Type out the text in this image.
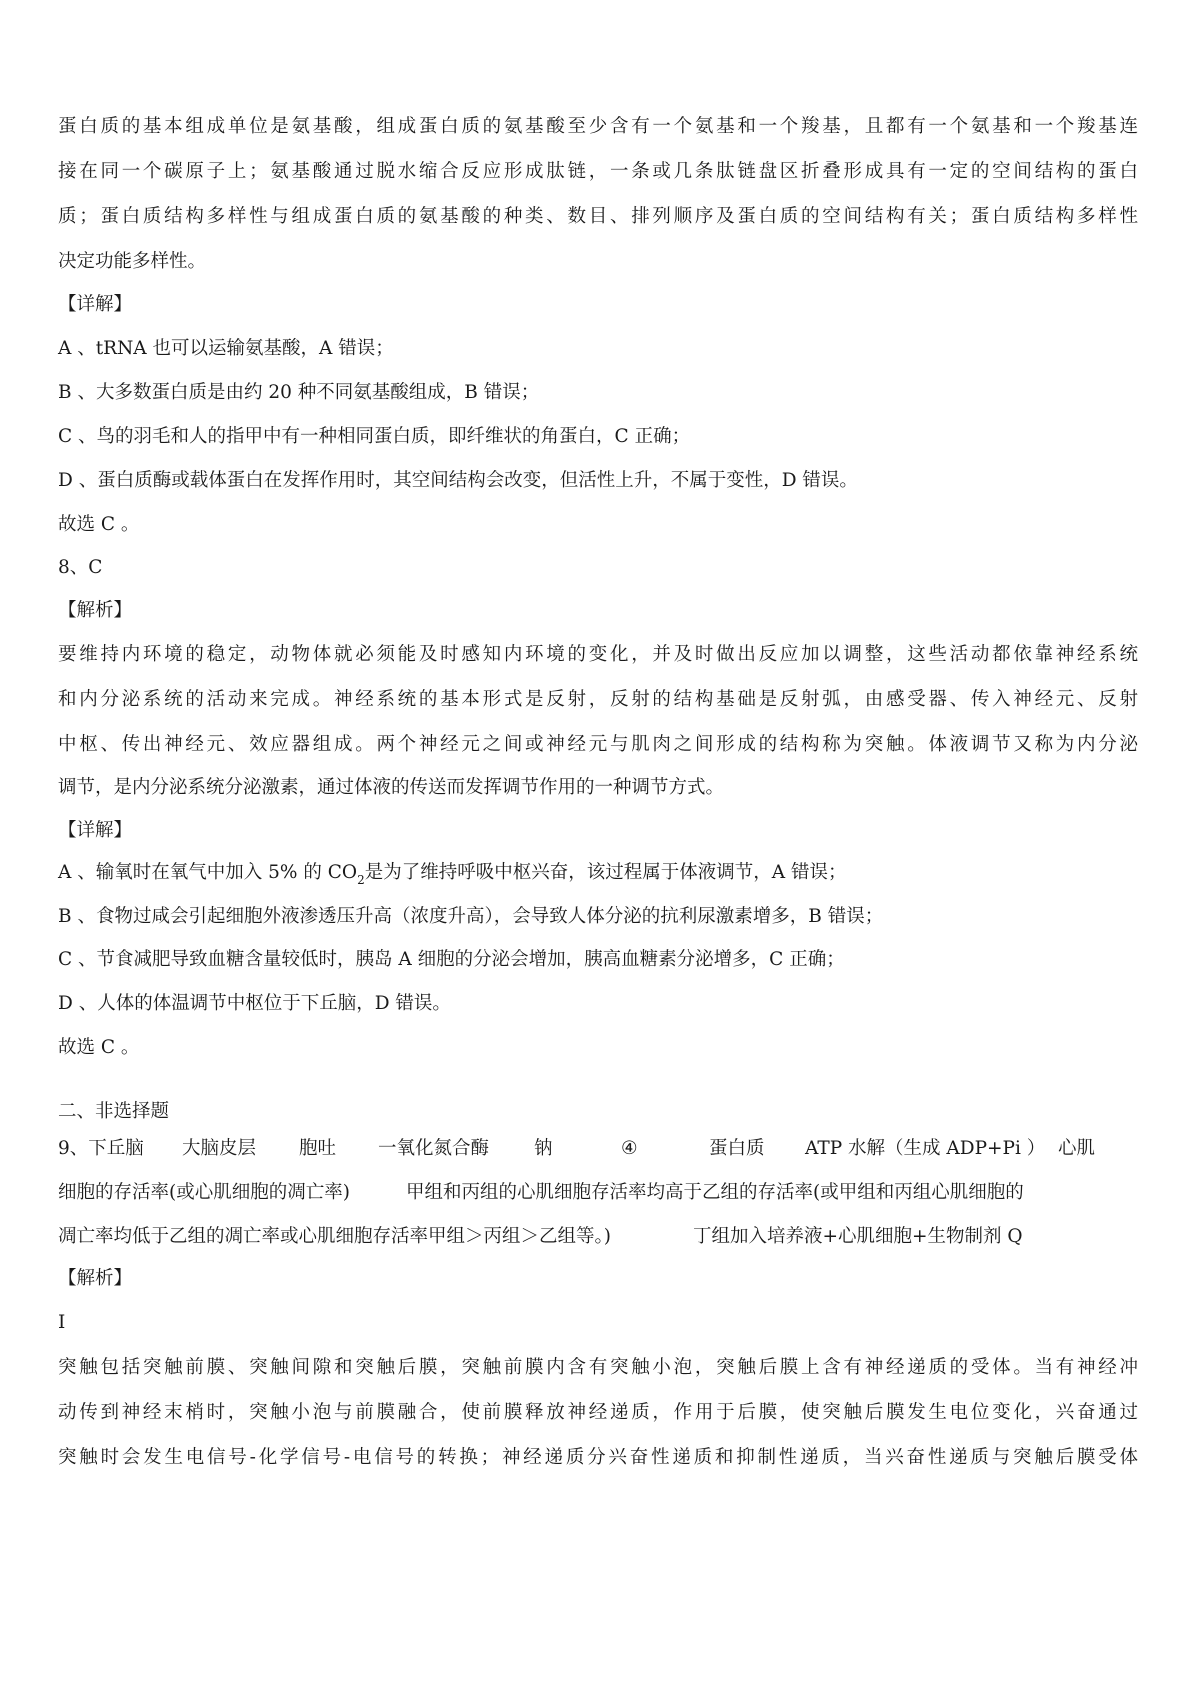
蛋白质的基本组成单位是氨基酸，组成蛋白质的氨基酸至少含有一个氨基和一个羧基，且都有一个氨基和一个羧基连
接在同一个碳原子上；氨基酸通过脱水缩合反应形成肽链，一条或几条肽链盘区折叠形成具有一定的空间结构的蛋白
质；蛋白质结构多样性与组成蛋白质的氨基酸的种类、数目、排列顺序及蛋白质的空间结构有关；蛋白质结构多样性
决定功能多样性。
【详解】
A 、tRNA 也可以运输氨基酸，A 错误；
B 、大多数蛋白质是由约 20 种不同氨基酸组成，B 错误；
C 、鸟的羽毛和人的指甲中有一种相同蛋白质，即纤维状的角蛋白，C 正确；
D 、蛋白质酶或载体蛋白在发挥作用时，其空间结构会改变，但活性上升，不属于变性，D 错误。
故选 C 。
8、C
【解析】
要维持内环境的稳定，动物体就必须能及时感知内环境的变化，并及时做出反应加以调整，这些活动都依靠神经系统
和内分泌系统的活动来完成。神经系统的基本形式是反射，反射的结构基础是反射弧，由感受器、传入神经元、反射
中枢、传出神经元、效应器组成。两个神经元之间或神经元与肌肉之间形成的结构称为突触。体液调节又称为内分泌
调节，是内分泌系统分泌激素，通过体液的传送而发挥调节作用的一种调节方式。
【详解】
A 、输氧时在氧气中加入 5% 的 $CO_2$是为了维持呼吸中枢兴奋，该过程属于体液调节，A 错误；
B 、食物过咸会引起细胞外液渗透压升高（浓度升高），会导致人体分泌的抗利尿激素增多，B 错误；
C 、节食减肥导致血糖含量较低时，胰岛 A 细胞的分泌会增加，胰高血糖素分泌增多，C 正确；
D 、人体的体温调节中枢位于下丘脑，D 错误。
故选 C 。
二、非选择题
9、下丘脑 大脑皮层 胞吐 一氧化氮合酶 钠	④	蛋白质 ATP 水解（生成 ADP+Pi ） 心肌
细胞的存活率(或心肌细胞的凋亡率)	甲组和丙组的心肌细胞存活率均高于乙组的存活率(或甲组和丙组心肌细胞的
凋亡率均低于乙组的凋亡率或心肌细胞存活率甲组＞丙组＞乙组等。)	丁组加入培养液+心肌细胞+生物制剂 Q
【解析】
Ⅰ
突触包括突触前膜、突触间隙和突触后膜，突触前膜内含有突触小泡，突触后膜上含有神经递质的受体。当有神经冲
动传到神经末梢时，突触小泡与前膜融合，使前膜释放神经递质，作用于后膜，使突触后膜发生电位变化，兴奋通过
突触时会发生电信号-化学信号-电信号的转换；神经递质分兴奋性递质和抑制性递质，当兴奋性递质与突触后膜受体
